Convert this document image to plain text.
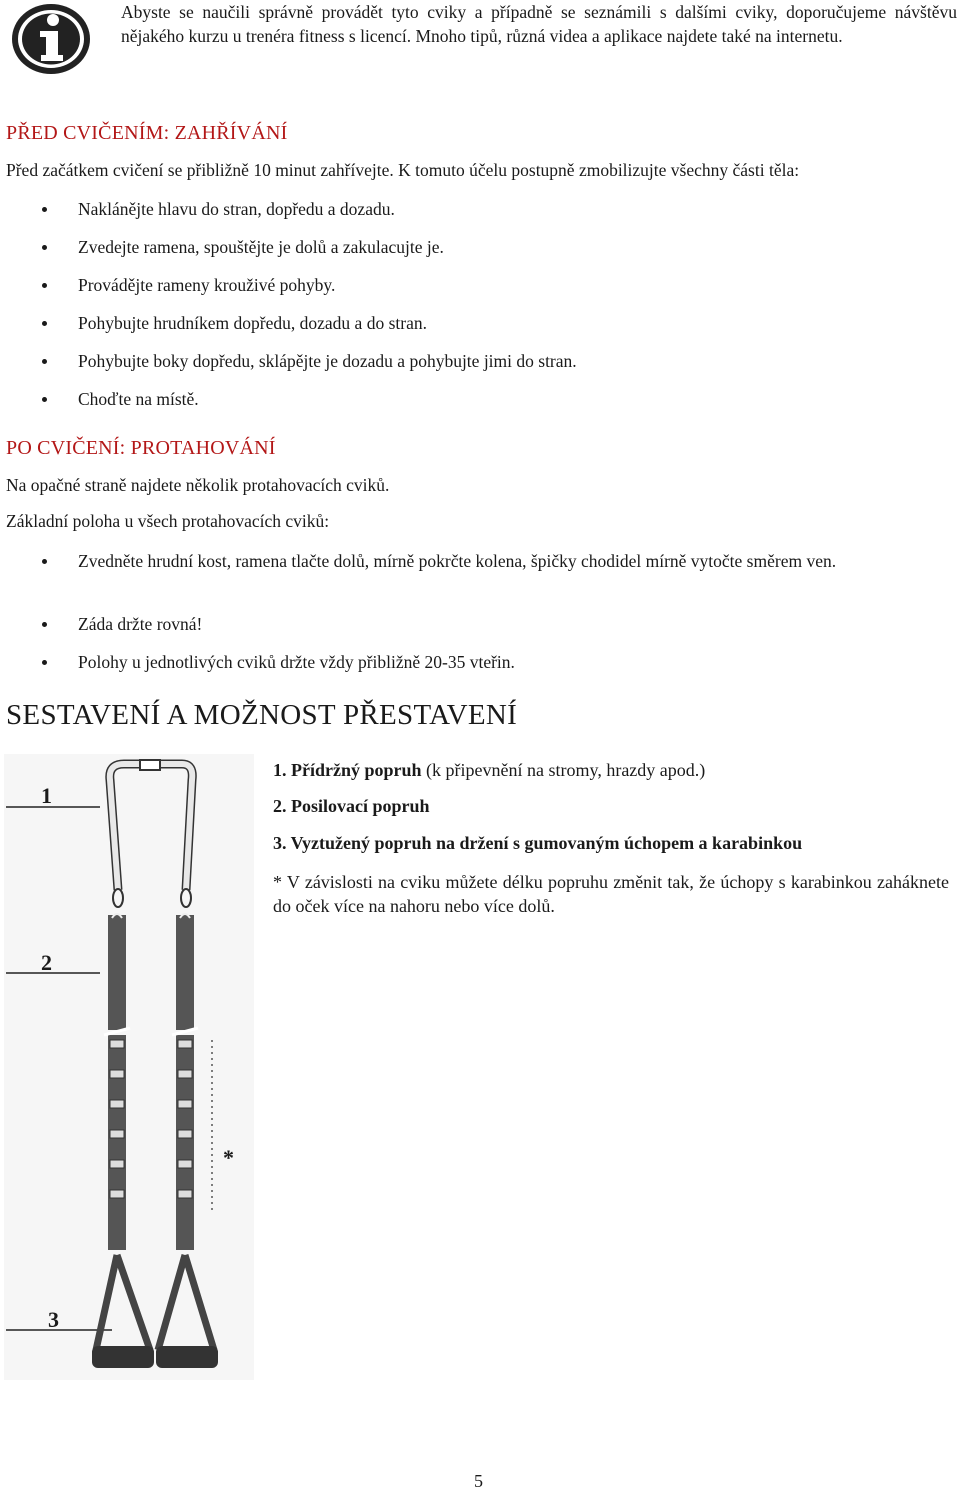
Abyste se naučili správně provádět tyto cviky a případně se seznámili s dalšími cviky, doporučujeme návštěvu nějakého kurzu u trenéra fitness s licencí. Mnoho tipů, různá videa a aplikace najdete také na internetu.

PŘED CVIČENÍM: ZAHŘÍVÁNÍ

Před začátkem cvičení se přibližně 10 minut zahřívejte. K tomuto účelu postupně zmobilizujte všechny části těla:

Nakláněјte hlavu do stran, dopředu a dozadu.
Zvedejte ramena, spouštějte je dolů a zakulacujte je.
Provádějte rameny krouživé pohyby.
Pohybujte hrudníkem dopředu, dozadu a do stran.
Pohybujte boky dopředu, sklápějte je dozadu a pohybujte jimi do stran.
Choďte na místě.
PO CVIČENÍ: PROTAHOVÁNÍ

Na opačné straně najdete několik protahovacích cviků.

Základní poloha u všech protahovacích cviků:

Zvedněte hrudní kost, ramena tlačte dolů, mírně pokrčte kolena, špičky chodidel mírně vytočte směrem ven.
Záda držte rovná!
Polohy u jednotlivých cviků držte vždy přibližně 20-35 vteřin.
SESTAVENÍ A MOŽNOST PŘESTAVENÍ

1. Přídržný popruh (k připevnění na stromy, hrazdy apod.)

2. Posilovací popruh

3. Vyztužený popruh na držení s gumovaným úchopem a karabinkou

* V závislosti na cviku můžete délku popruhu změnit tak, že úchopy s karabinkou zaháknete do oček více na nahoru nebo více dolů.

1
2
*
3

5
